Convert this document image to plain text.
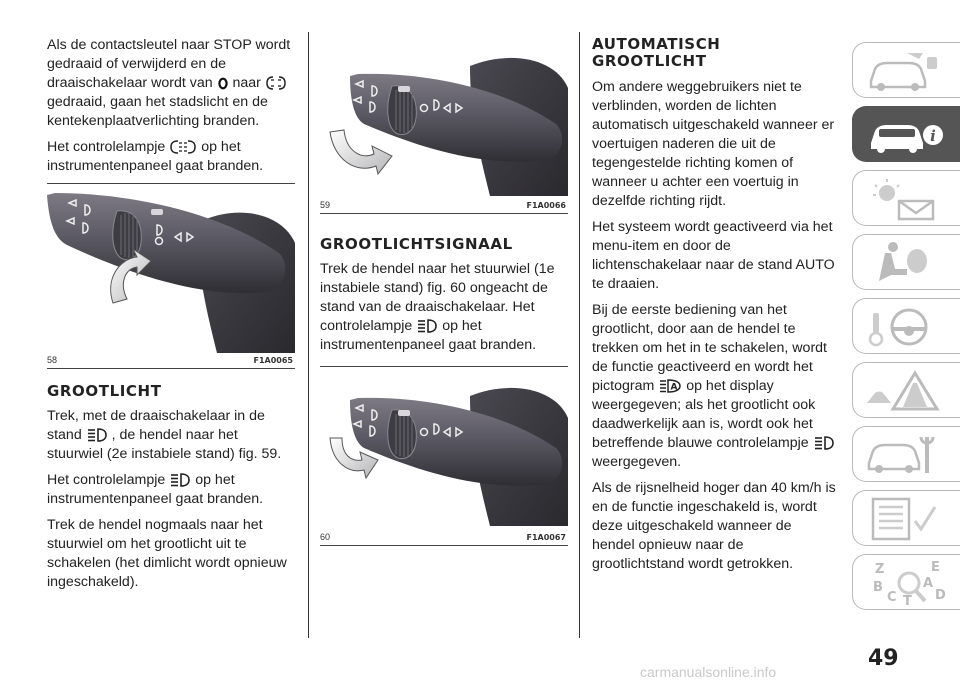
Als de contactsleutel naar STOP wordt gedraaid of verwijderd en de draaischakelaar wordt van naar  gedraaid, gaan het stadslicht en de kentekenplaatverlichting branden.

Het controlelampje	op het instrumentenpaneel gaat branden.

58	F1A0065

GROOTLICHT

Trek, met de draaischakelaar in de stand , de hendel naar het stuurwiel (2e instabiele stand) fig. 59.

Het controlelampje op het instrumentenpaneel gaat branden.

Trek de hendel nogmaals naar het stuurwiel om het grootlicht uit te schakelen (het dimlicht wordt opnieuw ingeschakeld).

59	F1A0066

GROOTLICHTSIGNAAL

Trek de hendel naar het stuurwiel (1e instabiele stand) fig. 60 ongeacht de stand van de draaischakelaar. Het controlelampje op het instrumentenpaneel gaat branden.

60	F1A0067

AUTOMATISCH
GROOTLICHT

Om andere weggebruikers niet te verblinden, worden de lichten automatisch uitgeschakeld wanneer er voertuigen naderen die uit de tegengestelde richting komen of wanneer u achter een voertuig in dezelfde richting rijdt.

Het systeem wordt geactiveerd via het menu-item en door de lichtenschakelaar naar de stand AUTO te draaien.

Bij de eerste bediening van het grootlicht, door aan de hendel te trekken om het in te schakelen, wordt de functie geactiveerd en wordt het pictogram A op het display weergegeven; als het grootlicht ook daadwerkelijk aan is, wordt ook het betreffende blauwe controlelampje  weergegeven.

Als de rijsnelheid hoger dan 40 km/h is en de functie ingeschakeld is, wordt deze uitgeschakeld wanneer de hendel opnieuw naar de grootlichtstand wordt getrokken.

i
Z	E
A
B
C T D
49
carmanualsonline.info
